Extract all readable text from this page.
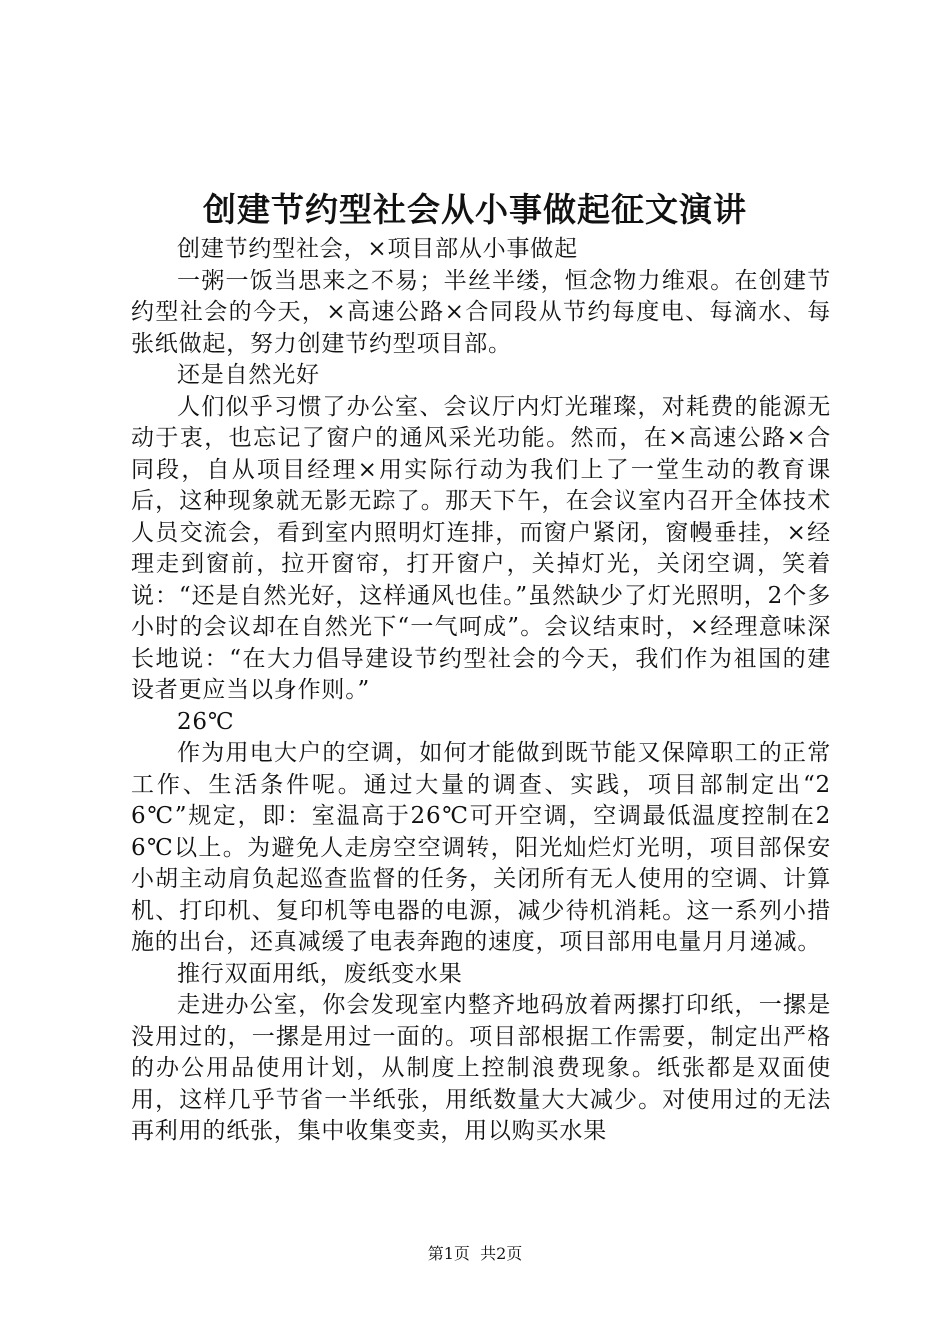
创建节约型社会从小事做起征文演讲

创建节约型社会，×项目部从小事做起

一粥一饭当思来之不易；半丝半缕，恒念物力维艰。在创建节约型社会的今天，×高速公路×合同段从节约每度电、每滴水、每张纸做起，努力创建节约型项目部。

还是自然光好

人们似乎习惯了办公室、会议厅内灯光璀璨，对耗费的能源无动于衷，也忘记了窗户的通风采光功能。然而，在×高速公路×合同段，自从项目经理×用实际行动为我们上了一堂生动的教育课后，这种现象就无影无踪了。那天下午，在会议室内召开全体技术人员交流会，看到室内照明灯连排，而窗户紧闭，窗幔垂挂，×经理走到窗前，拉开窗帘，打开窗户，关掉灯光，关闭空调，笑着说：“还是自然光好，这样通风也佳。”虽然缺少了灯光照明，2个多小时的会议却在自然光下“一气呵成”。会议结束时，×经理意味深长地说：“在大力倡导建设节约型社会的今天，我们作为祖国的建设者更应当以身作则。”

26℃

作为用电大户的空调，如何才能做到既节能又保障职工的正常工作、生活条件呢。通过大量的调查、实践，项目部制定出“26℃”规定，即：室温高于26℃可开空调，空调最低温度控制在26℃以上。为避免人走房空空调转，阳光灿烂灯光明，项目部保安小胡主动肩负起巡查监督的任务，关闭所有无人使用的空调、计算机、打印机、复印机等电器的电源，减少待机消耗。这一系列小措施的出台，还真减缓了电表奔跑的速度，项目部用电量月月递减。

推行双面用纸，废纸变水果

走进办公室，你会发现室内整齐地码放着两摞打印纸，一摞是没用过的，一摞是用过一面的。项目部根据工作需要，制定出严格的办公用品使用计划，从制度上控制浪费现象。纸张都是双面使用，这样几乎节省一半纸张，用纸数量大大减少。对使用过的无法再利用的纸张，集中收集变卖，用以购买水果

第1页 共2页
